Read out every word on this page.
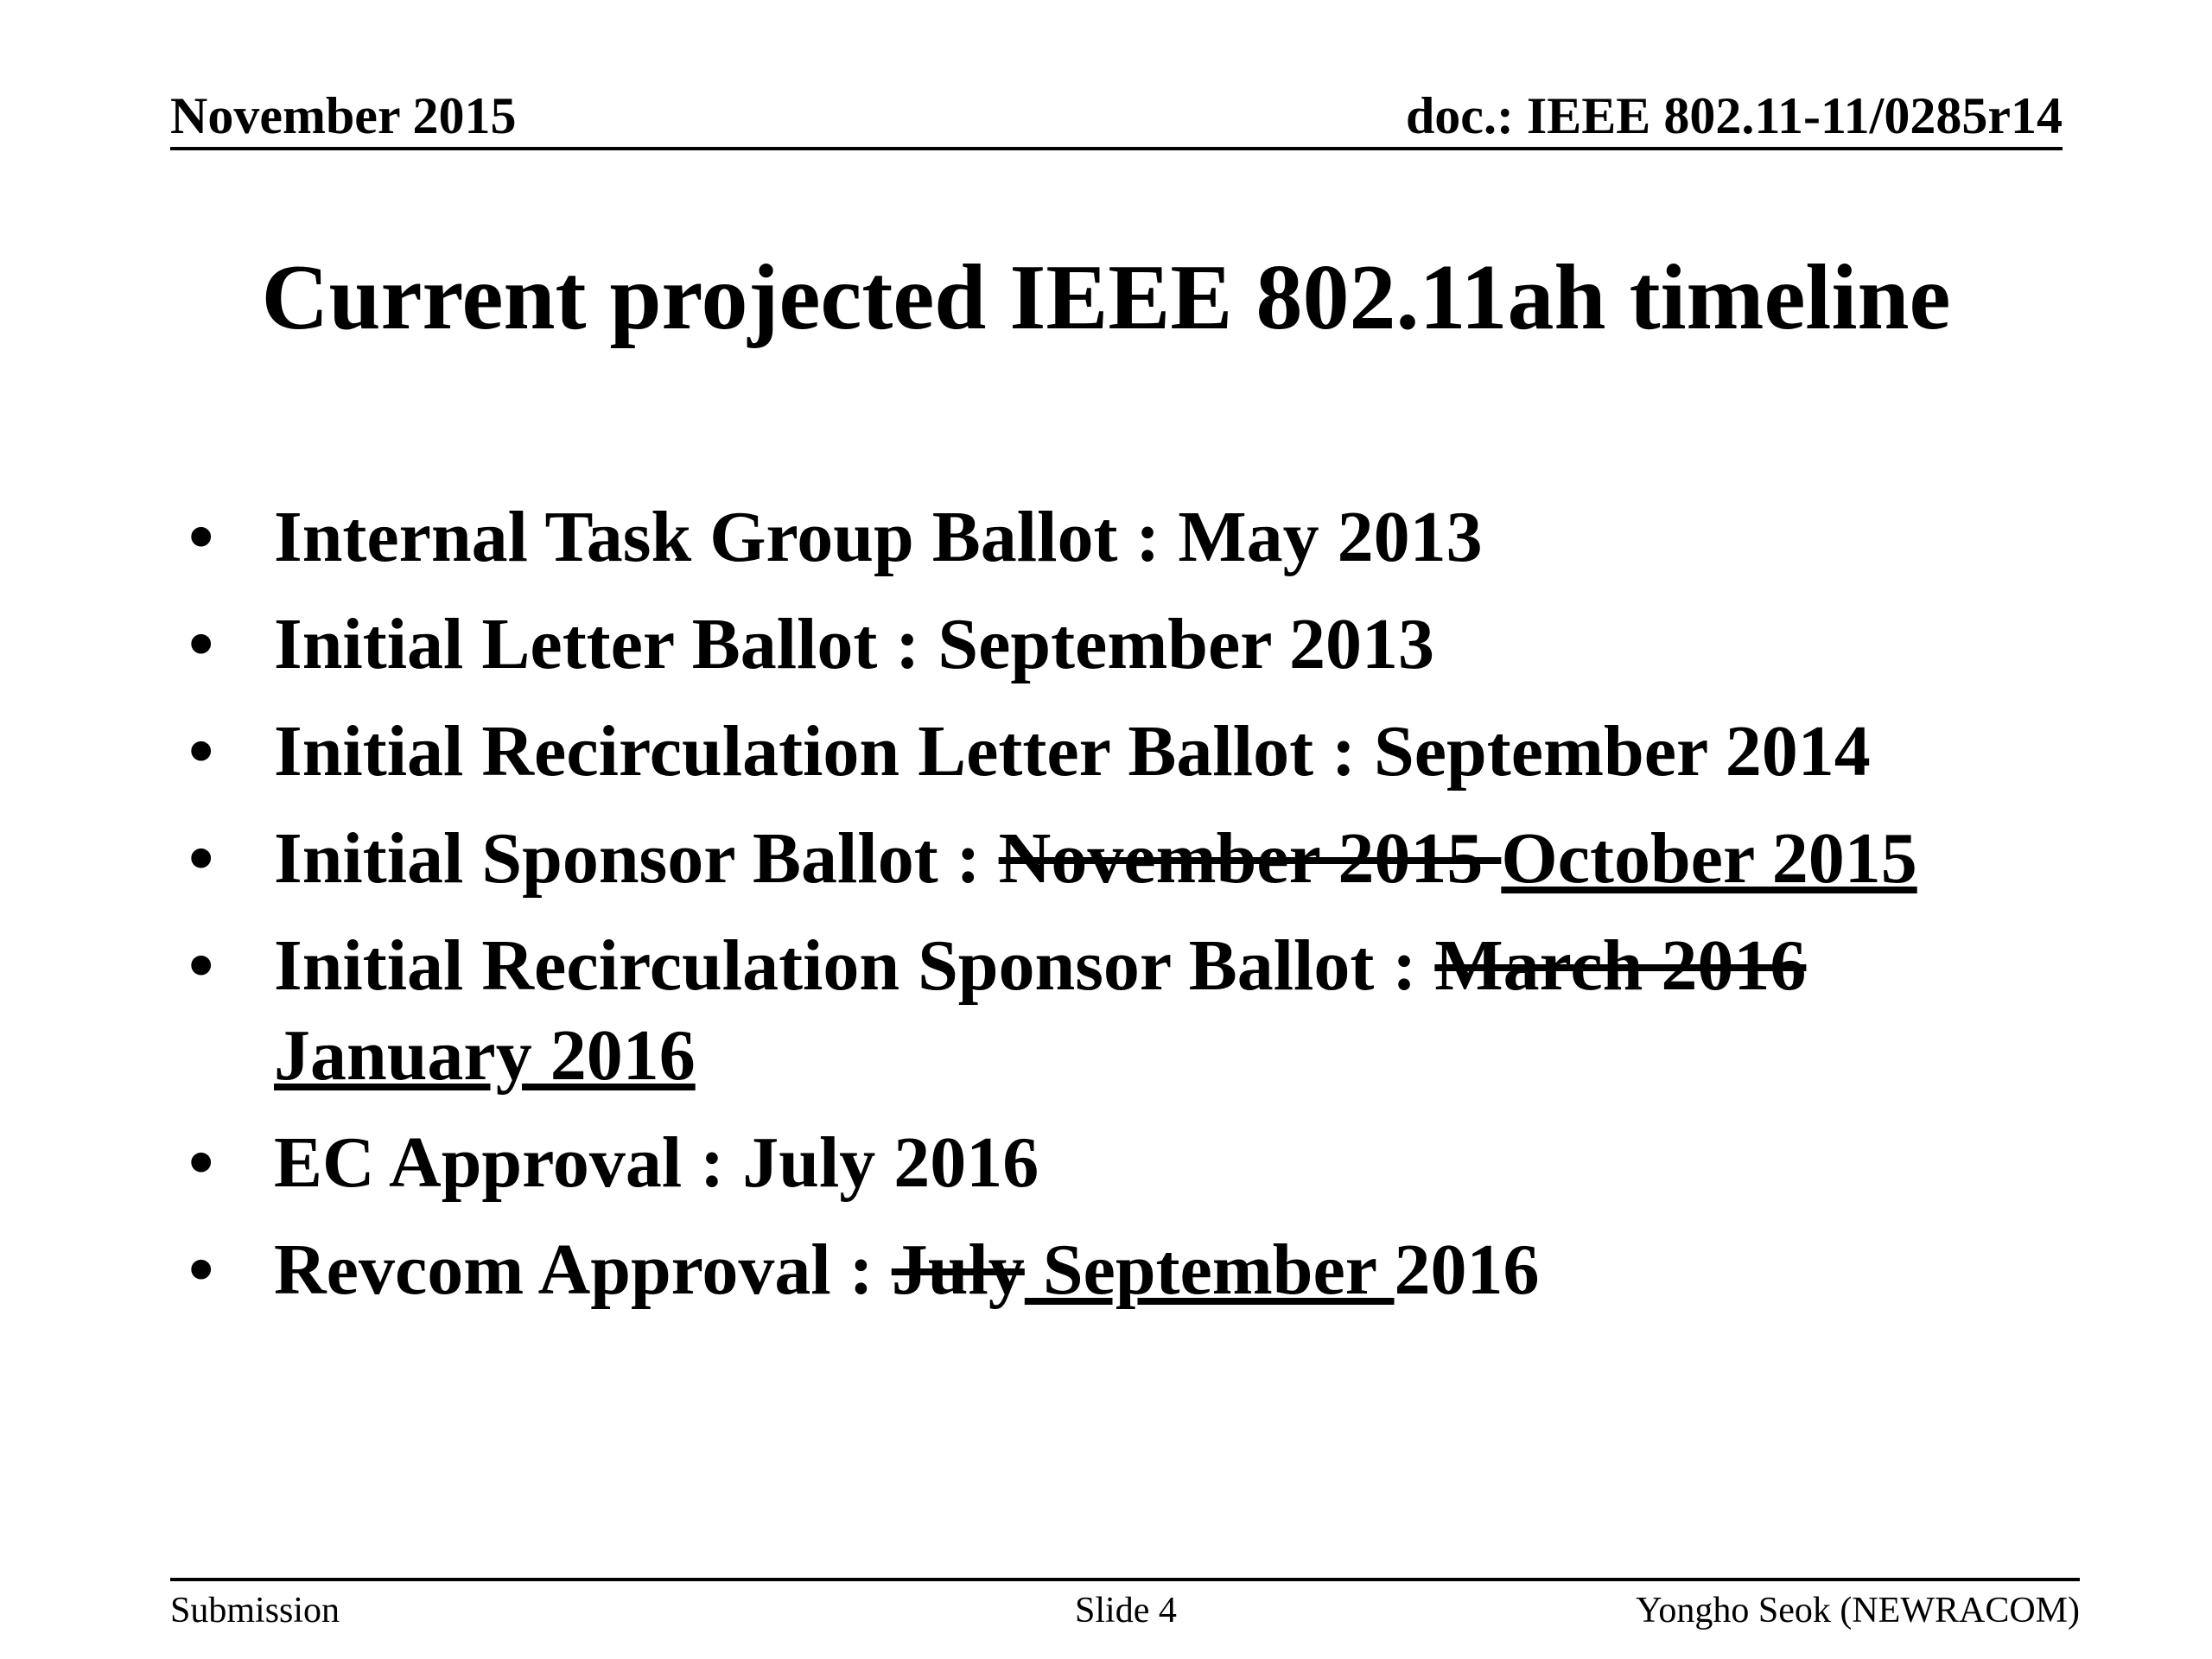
November 2015	doc.: IEEE 802.11-11/0285r14
Current projected IEEE 802.11ah timeline
• Internal Task Group Ballot : May 2013
• Initial Letter Ballot : September 2013
• Initial Recirculation Letter Ballot : September 2014
• Initial Sponsor Ballot : November 2015 October 2015
• Initial Recirculation Sponsor Ballot : March 2016
January 2016
• EC Approval : July 2016
• Revcom Approval : July September 2016
Submission	Slide 4	Yongho Seok (NEWRACOM)
